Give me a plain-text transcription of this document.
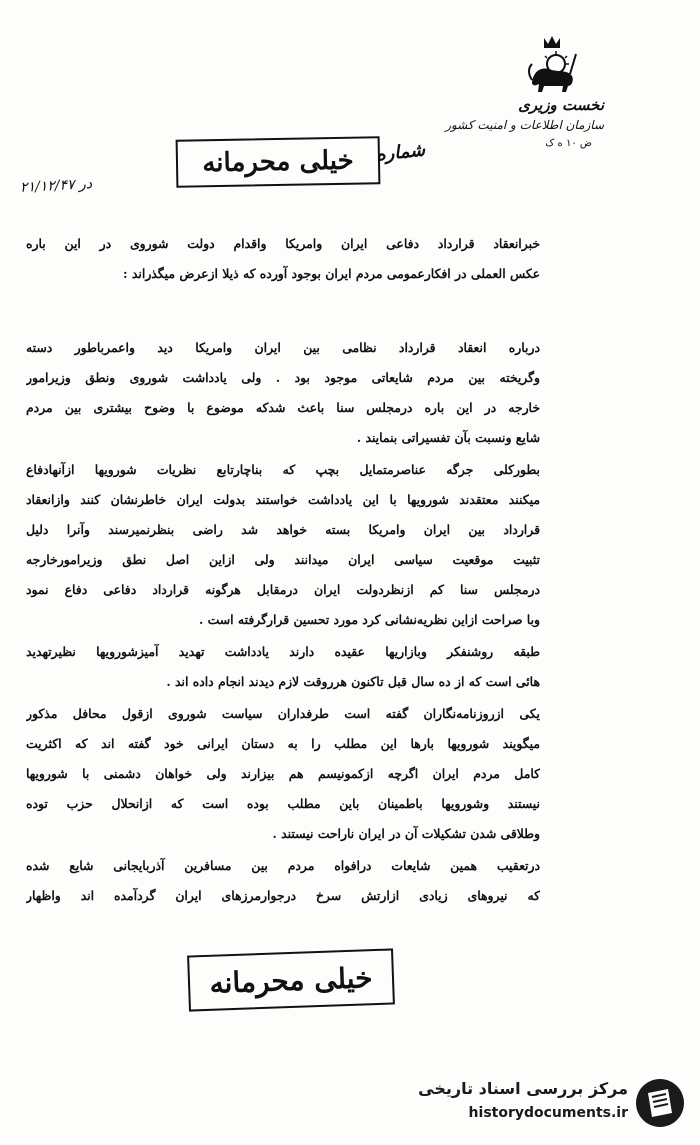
نخست وزیری
سازمان اطلاعات و امنیت کشور
ض ۱۰ ه ک
خیلی محرمانه	شماره
در ۲۱/۱۲/۴۷
خبرانعقاد قرارداد دفاعی ایران وامریکا واقدام دولت شوروی در این باره
عکس العملی در افکارعمومی مردم ایران بوجود آورده که ذیلا ازعرض میگذراند :
درباره انعقاد قرارداد نظامی بین ایران وامریکا دید واعمرباطور دسته
وگریخته بین مردم شایعاتی موجود بود . ولی یادداشت شوروی ونطق وزیرامور
خارجه در این باره درمجلس سنا باعث شدکه موضوع با وضوح بیشتری بین مردم
شایع ونسبت بآن تفسیراتی بنمایند .
بطورکلی جرگه عناصرمتمایل بچپ که بناچارتابع نظریات شورویها ازآنهادفاع
میکنند معتقدند شورویها با این یادداشت خواستند بدولت ایران خاطرنشان کنند وازانعقاد
قرارداد بین ایران وامریکا بسته خواهد شد راضی بنظرنمیرسند وآنرا دلیل
تثبیت موقعیت سیاسی ایران میدانند ولی ازاین اصل نطق وزیرامورخارجه
درمجلس سنا کم ازنظردولت ایران درمقابل هرگونه قرارداد دفاعی دفاع نمود
وبا صراحت ازاین نظریه‌نشانی کرد مورد تحسین قرارگرفته است .
طبقه روشنفکر وبازاریها عقیده دارند یادداشت تهدید آمیزشورویها نظیرتهدید
هائی است که از ده سال قبل تاکنون هرروقت لازم دیدند انجام داده اند .
یکی ازروزنامه‌نگاران گفته است طرفداران سیاست شوروی ازقول محافل مذکور
میگویند شورویها بارها این مطلب را به دستان ایرانی خود گفته اند که اکثریت
کامل مردم ایران اگرچه ازکمونیسم هم بیزارند ولی خواهان دشمنی با شورویها
نیستند وشورویها باطمینان باین مطلب بوده است که ازانحلال حزب توده
وطلاقی شدن تشکیلات آن در ایران ناراحت نیستند .
درتعقیب همین شایعات درافواه مردم بین مسافرین آذربایجانی شایع شده
که نیروهای زیادی ازارتش سرخ درجوارمرزهای ایران گردآمده اند واظهار
خیلی محرمانه
مرکز بررسی اسناد تاریخی
historydocuments.ir
